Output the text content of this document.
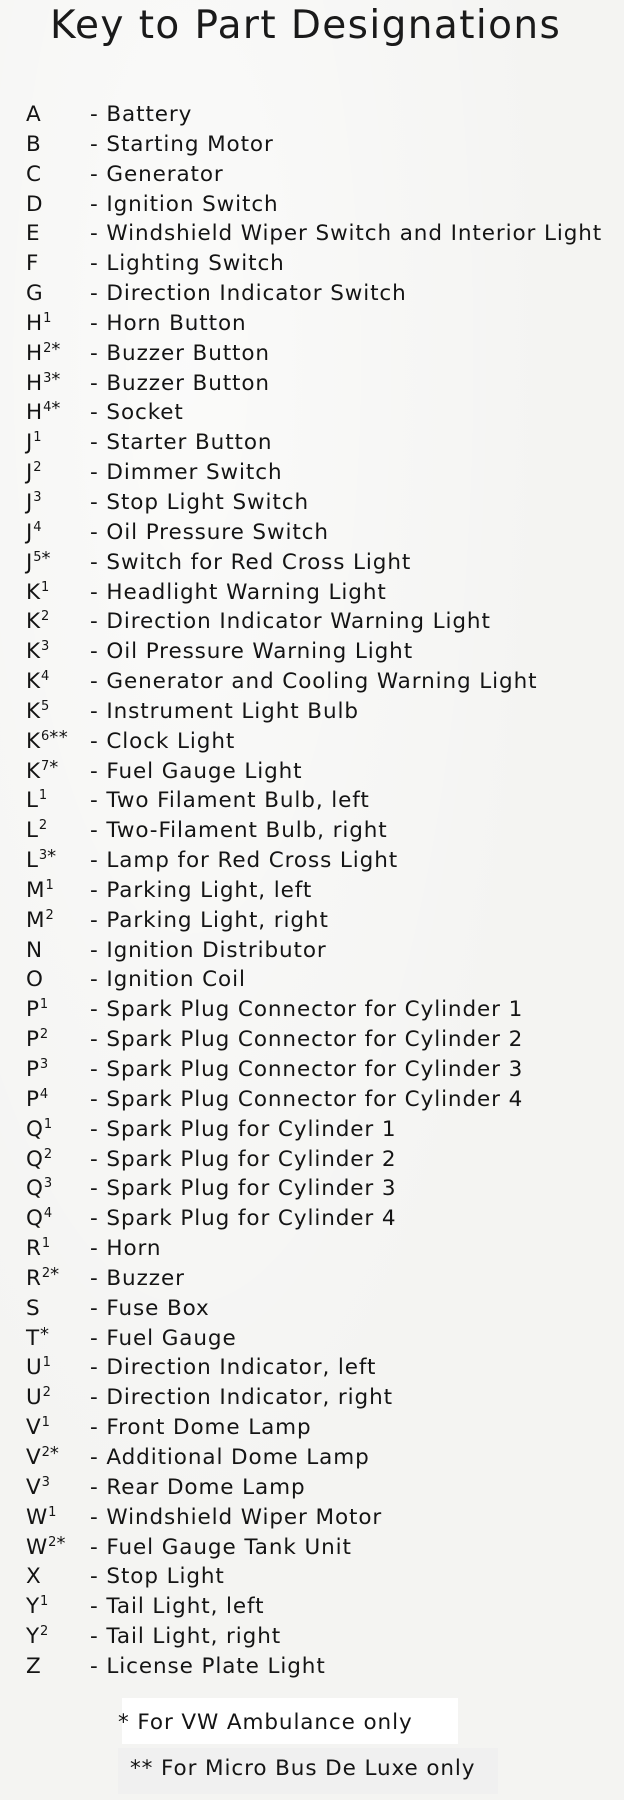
Key to Part Designations
A - Battery
B - Starting Motor
C - Generator
D - Ignition Switch
E - Windshield Wiper Switch and Interior Light
F - Lighting Switch
G - Direction Indicator Switch
$H^1$ - Horn Button
$H^{2*}$ - Buzzer Button
$H^{3*}$ - Buzzer Button
$H^{4*}$ - Socket
$J^1$ - Starter Button
$J^2$ - Dimmer Switch
$J^3$ - Stop Light Switch
$J^4$ - Oil Pressure Switch
$J^{5*}$ - Switch for Red Cross Light
$K^1$ - Headlight Warning Light
$K^2$ - Direction Indicator Warning Light
$K^3$ - Oil Pressure Warning Light
$K^4$ - Generator and Cooling Warning Light
$K^5$ - Instrument Light Bulb
$K^{6**}$ - Clock Light
$K^{7*}$ - Fuel Gauge Light
$L^1$ - Two Filament Bulb, left
$L^2$ - Two-Filament Bulb, right
$L^{3*}$ - Lamp for Red Cross Light
$M^1$ - Parking Light, left
$M^2$ - Parking Light, right
N - Ignition Distributor
O - Ignition Coil
$P^1$ - Spark Plug Connector for Cylinder 1
$P^2$ - Spark Plug Connector for Cylinder 2
$P^3$ - Spark Plug Connector for Cylinder 3
$P^4$ - Spark Plug Connector for Cylinder 4
$Q^1$ - Spark Plug for Cylinder 1
$Q^2$ - Spark Plug for Cylinder 2
$Q^3$ - Spark Plug for Cylinder 3
$Q^4$ - Spark Plug for Cylinder 4
$R^1$ - Horn
$R^{2*}$ - Buzzer
S - Fuse Box
T* - Fuel Gauge
$U^1$ - Direction Indicator, left
$U^2$ - Direction Indicator, right
$V^1$ - Front Dome Lamp
$V^{2*}$ - Additional Dome Lamp
$V^3$ - Rear Dome Lamp
$W^1$ - Windshield Wiper Motor
$W^{2*}$ - Fuel Gauge Tank Unit
X - Stop Light
$Y^1$ - Tail Light, left
$Y^2$ - Tail Light, right
Z - License Plate Light
* For VW Ambulance only
** For Micro Bus De Luxe only
